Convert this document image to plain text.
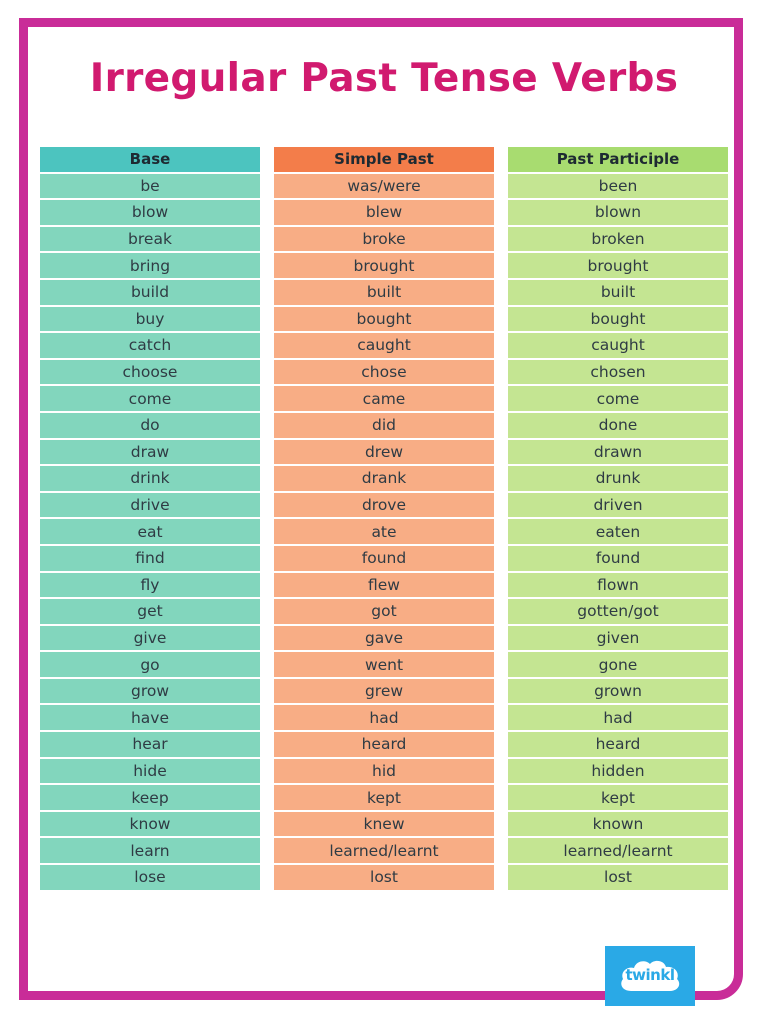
Irregular Past Tense Verbs
Base
be
blow
break
bring
build
buy
catch
choose
come
do
draw
drink
drive
eat
find
fly
get
give
go
grow
have
hear
hide
keep
know
learn
lose
Simple Past
was/were
blew
broke
brought
built
bought
caught
chose
came
did
drew
drank
drove
ate
found
flew
got
gave
went
grew
had
heard
hid
kept
knew
learned/learnt
lost
Past Participle
been
blown
broken
brought
built
bought
caught
chosen
come
done
drawn
drunk
driven
eaten
found
flown
gotten/got
given
gone
grown
had
heard
hidden
kept
known
learned/learnt
lost
twinkl
